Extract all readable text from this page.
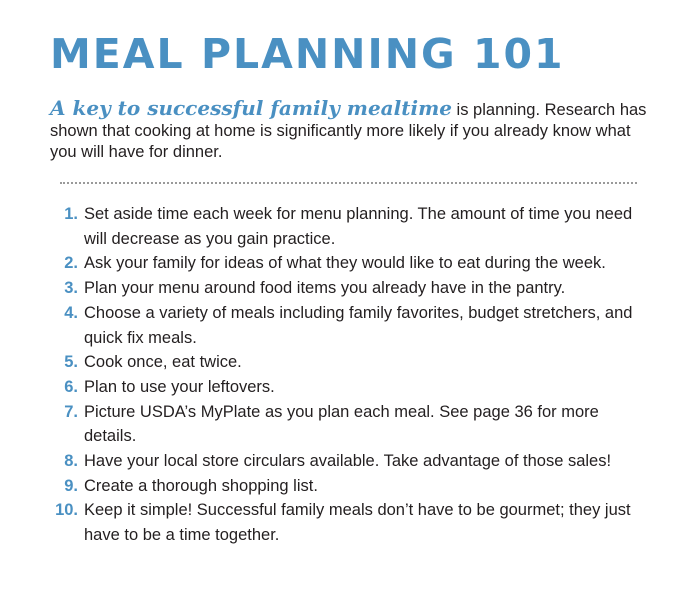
MEAL PLANNING 101

A key to successful family mealtime is planning. Research has shown that cooking at home is significantly more likely if you already know what you will have for dinner.

1. Set aside time each week for menu planning. The amount of time you need will decrease as you gain practice.
2. Ask your family for ideas of what they would like to eat during the week.
3. Plan your menu around food items you already have in the pantry.
4. Choose a variety of meals including family favorites, budget stretchers, and quick fix meals.
5. Cook once, eat twice.
6. Plan to use your leftovers.
7. Picture USDA’s MyPlate as you plan each meal. See page 36 for more details.
8. Have your local store circulars available. Take advantage of those sales!
9. Create a thorough shopping list.
10. Keep it simple! Successful family meals don’t have to be gourmet; they just have to be a time together.
